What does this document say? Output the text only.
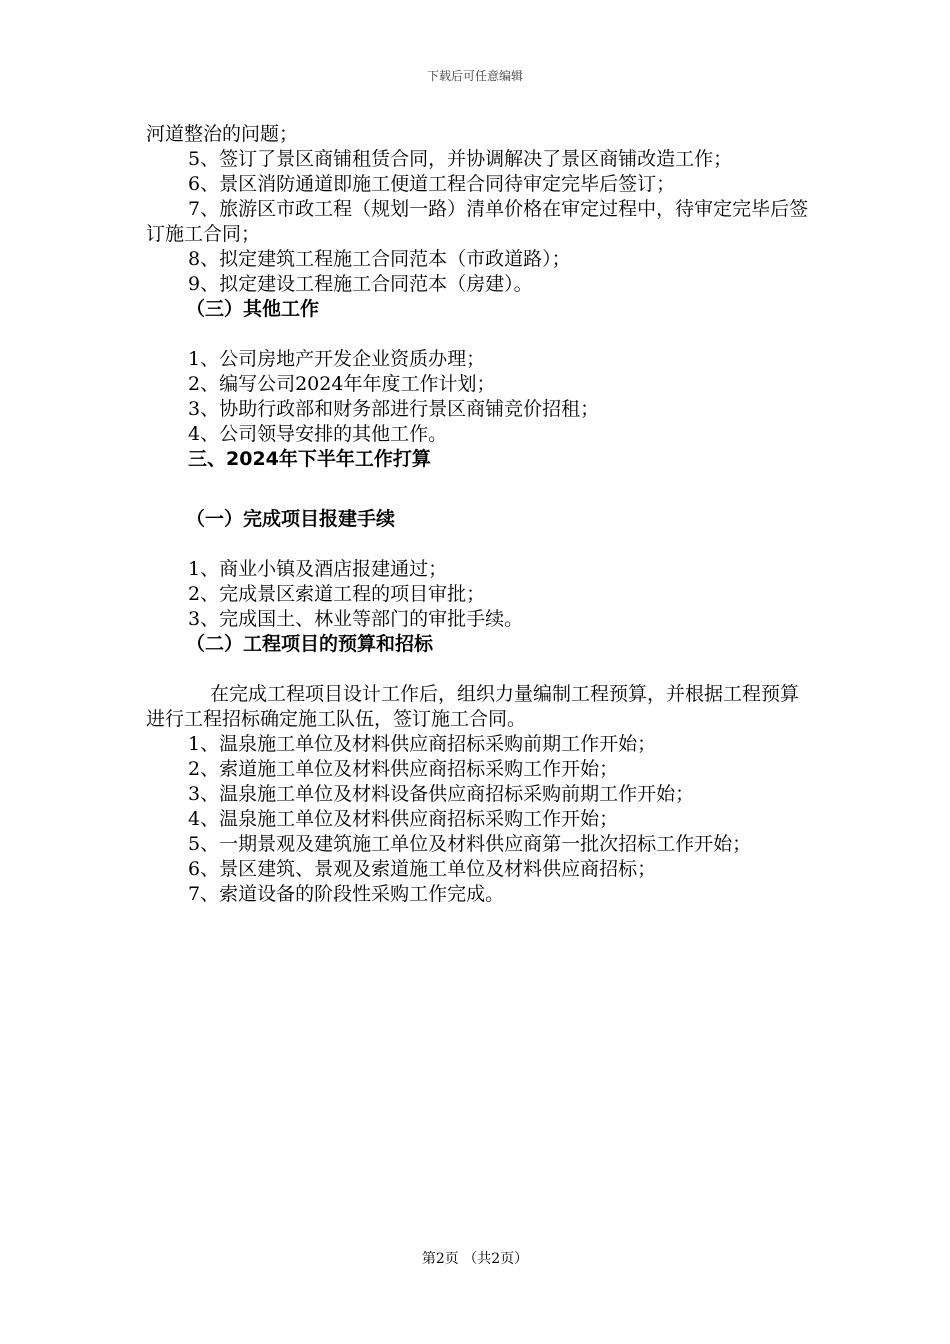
下载后可任意编辑

河道整治的问题；

5、签订了景区商铺租赁合同，并协调解决了景区商铺改造工作；

6、景区消防通道即施工便道工程合同待审定完毕后签订；

7、旅游区市政工程（规划一路）清单价格在审定过程中，待审定完毕后签订施工合同；

8、拟定建筑工程施工合同范本（市政道路）；

9、拟定建设工程施工合同范本（房建）。

（三）其他工作

1、公司房地产开发企业资质办理；

2、编写公司2024年年度工作计划；

3、协助行政部和财务部进行景区商铺竞价招租；

4、公司领导安排的其他工作。

三、2024年下半年工作打算

（一）完成项目报建手续

1、商业小镇及酒店报建通过；

2、完成景区索道工程的项目审批；

3、完成国土、林业等部门的审批手续。

（二）工程项目的预算和招标

在完成工程项目设计工作后，组织力量编制工程预算，并根据工程预算进行工程招标确定施工队伍，签订施工合同。

1、温泉施工单位及材料供应商招标采购前期工作开始；

2、索道施工单位及材料供应商招标采购工作开始；

3、温泉施工单位及材料设备供应商招标采购前期工作开始；

4、温泉施工单位及材料供应商招标采购工作开始；

5、一期景观及建筑施工单位及材料供应商第一批次招标工作开始；

6、景区建筑、景观及索道施工单位及材料供应商招标；

7、索道设备的阶段性采购工作完成。

第2页 （共2页）
